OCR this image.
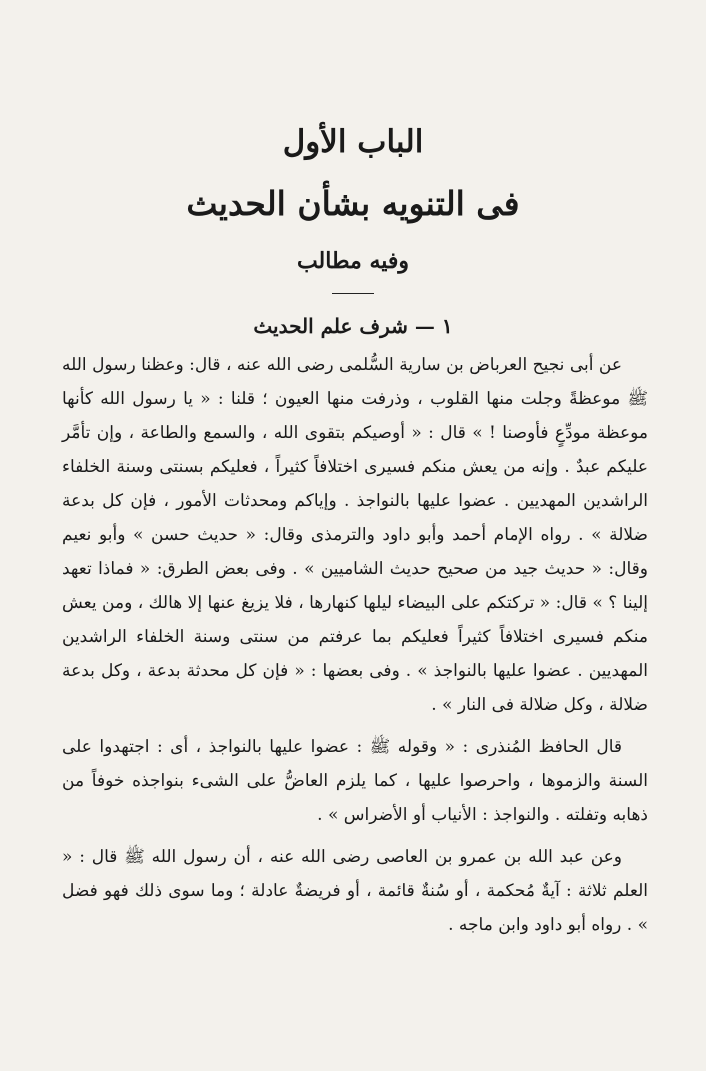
الباب الأول
فى التنويه بشأن الحديث
وفيه مطالب
١ — شرف علم الحديث

عن أبى نجيح العرباض بن سارية السُّلمى رضى الله عنه ، قال: وعظنا رسول الله ﷺ موعظةً وجلت منها القلوب ، وذرفت منها العيون ؛ قلنا : « يا رسول الله كأنها موعظة مودِّعٍ فأوصنا ! » قال : « أوصيكم بتقوى الله ، والسمع والطاعة ، وإن تأمَّر عليكم عبدٌ . وإنه من يعش منكم فسيرى اختلافاً كثيراً ، فعليكم بسنتى وسنة الخلفاء الراشدين المهديين . عضوا عليها بالنواجذ . وإياكم ومحدثات الأمور ، فإن كل بدعة ضلالة » . رواه الإمام أحمد وأبو داود والترمذى وقال: « حديث حسن » وأبو نعيم وقال: « حديث جيد من صحيح حديث الشاميين » . وفى بعض الطرق: « فماذا تعهد إلينا ؟ » قال: « تركتكم على البيضاء ليلها كنهارها ، فلا يزيغ عنها إلا هالك ، ومن يعش منكم فسيرى اختلافاً كثيراً فعليكم بما عرفتم من سنتى وسنة الخلفاء الراشدين المهديين . عضوا عليها بالنواجذ » . وفى بعضها : « فإن كل محدثة بدعة ، وكل بدعة ضلالة ، وكل ضلالة فى النار » .

قال الحافظ المُنذرى : « وقوله ﷺ : عضوا عليها بالنواجذ ، أى : اجتهدوا على السنة والزموها ، واحرصوا عليها ، كما يلزم العاضُّ على الشىء بنواجذه خوفاً من ذهابه وتفلته . والنواجذ : الأنياب أو الأضراس » .

وعن عبد الله بن عمرو بن العاصى رضى الله عنه ، أن رسول الله ﷺ قال : « العلم ثلاثة : آيةٌ مُحكمة ، أو سُنةٌ قائمة ، أو فريضةٌ عادلة ؛ وما سوى ذلك فهو فضل » . رواه أبو داود وابن ماجه .
